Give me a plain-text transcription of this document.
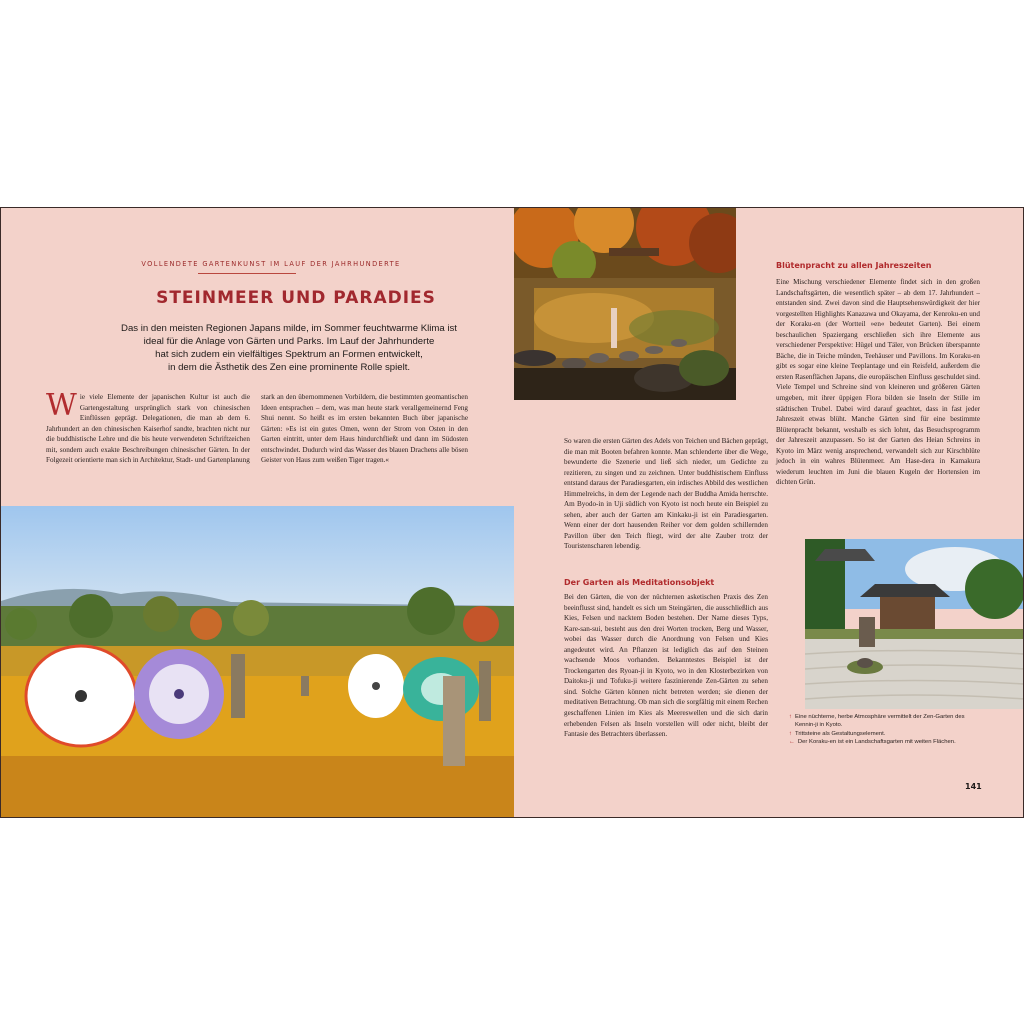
VOLLENDETE GARTENKUNST IM LAUF DER JAHRHUNDERTE
STEINMEER UND PARADIES
Das in den meisten Regionen Japans milde, im Sommer feuchtwarme Klima ist
ideal für die Anlage von Gärten und Parks. Im Lauf der Jahrhunderte
hat sich zudem ein vielfältiges Spektrum an Formen entwickelt,
in dem die Ästhetik des Zen eine prominente Rolle spielt.
W ie viele Elemente der japanischen Kultur ist auch die Gartengestaltung ursprünglich stark von chinesischen Einflüssen geprägt. Delegationen, die man ab dem 6. Jahrhundert an den chinesischen Kaiserhof sandte, brachten nicht nur die buddhistische Lehre und die bis heute verwendeten Schriftzeichen mit, sondern auch exakte Beschreibungen chinesischer Gärten. In der Folgezeit orientierte man sich in Architektur, Stadt- und Gartenplanung

stark an den übernommenen Vorbildern, die bestimmten geomantischen Ideen entsprachen – dem, was man heute stark verallgemeinernd Feng Shui nennt. So heißt es im ersten bekannten Buch über japanische Gärten: »Es ist ein gutes Omen, wenn der Strom von Osten in den Garten eintritt, unter dem Haus hindurchfließt und dann im Südosten entschwindet. Dudurch wird das Wasser des blauen Drachens alle bösen Geister von Haus zum weißen Tiger tragen.«

So waren die ersten Gärten des Adels von Teichen und Bächen geprägt, die man mit Booten befahren konnte. Man schlenderte über die Wege, bewunderte die Szenerie und ließ sich nieder, um Gedichte zu rezitieren, zu singen und zu zeichnen. Unter buddhistischem Einfluss entstand daraus der Paradiesgarten, ein irdisches Abbild des westlichen Himmelreichs, in dem der Legende nach der Buddha Amida herrschte. Am Byodo-in in Uji südlich von Kyoto ist noch heute ein Beispiel zu sehen, aber auch der Garten am Kinkaku-ji ist ein Paradiesgarten. Wenn einer der dort hausenden Reiher vor dem golden schillernden Pavillon über den Teich fliegt, wird der alte Zauber trotz der Touristenscharen lebendig.

Der Garten als Meditationsobjekt

Bei den Gärten, die von der nüchternen asketischen Praxis des Zen beeinflusst sind, handelt es sich um Steingärten, die ausschließlich aus Kies, Felsen und nacktem Boden bestehen. Der Name dieses Typs, Kare-san-sui, besteht aus den drei Worten trocken, Berg und Wasser, wobei das Wasser durch die Anordnung von Felsen und Kies angedeutet wird. An Pflanzen ist lediglich das auf den Steinen wachsende Moos vorhanden. Bekanntestes Beispiel ist der Trockengarten des Ryoan-ji in Kyoto, wo in den Klosterbezirken von Daitoku-ji und Tofuku-ji weitere faszinierende Zen-Gärten zu sehen sind. Solche Gärten können nicht betreten werden; sie dienen der meditativen Betrachtung. Ob man sich die sorgfältig mit einem Rechen geschaffenen Linien im Kies als Meereswellen und die sich darin erhebenden Felsen als Inseln vorstellen will oder nicht, bleibt der Fantasie des Betrachters überlassen.

Blütenpracht zu allen Jahreszeiten

Eine Mischung verschiedener Elemente findet sich in den großen Landschaftsgärten, die wesentlich später – ab dem 17. Jahrhundert – entstanden sind. Zwei davon sind die Hauptsehenswürdigkeit der hier vorgestellten Highlights Kanazawa und Okayama, der Kenroku-en und der Koraku-en (der Wortteil »en« bedeutet Garten). Bei einem beschaulichen Spaziergang erschließen sich ihre Elemente aus verschiedener Perspektive: Hügel und Täler, von Brücken überspannte Bäche, die in Teiche münden, Teehäuser und Pavillons. Im Koraku-en gibt es sogar eine kleine Teeplantage und ein Reisfeld, außerdem die ersten Rasenflächen Japans, die europäischen Einfluss geschuldet sind. Viele Tempel und Schreine sind von kleineren und größeren Gärten umgeben, mit ihrer üppigen Flora bilden sie Inseln der Stille im städtischen Trubel. Dabei wird darauf geachtet, dass in fast jeder Jahreszeit etwas blüht. Manche Gärten sind für eine bestimmte Blütenpracht bekannt, weshalb es sich lohnt, das Besuchsprogramm der Jahreszeit anzupassen. So ist der Garten des Heian Schreins in Kyoto im März wenig ansprechend, verwandelt sich zur Kirschblüte jedoch in ein wahres Blütenmeer. Am Hase-dera in Kamakura wiederum leuchten im Juni die blauen Kugeln der Hortensien im dichten Grün.

↑ Eine nüchterne, herbe Atmosphäre vermittelt der Zen-Garten des Kennin-ji in Kyoto.
↑ Trittsteine als Gestaltungselement.
← Der Koraku-en ist ein Landschaftsgarten mit weiten Flächen.
141
